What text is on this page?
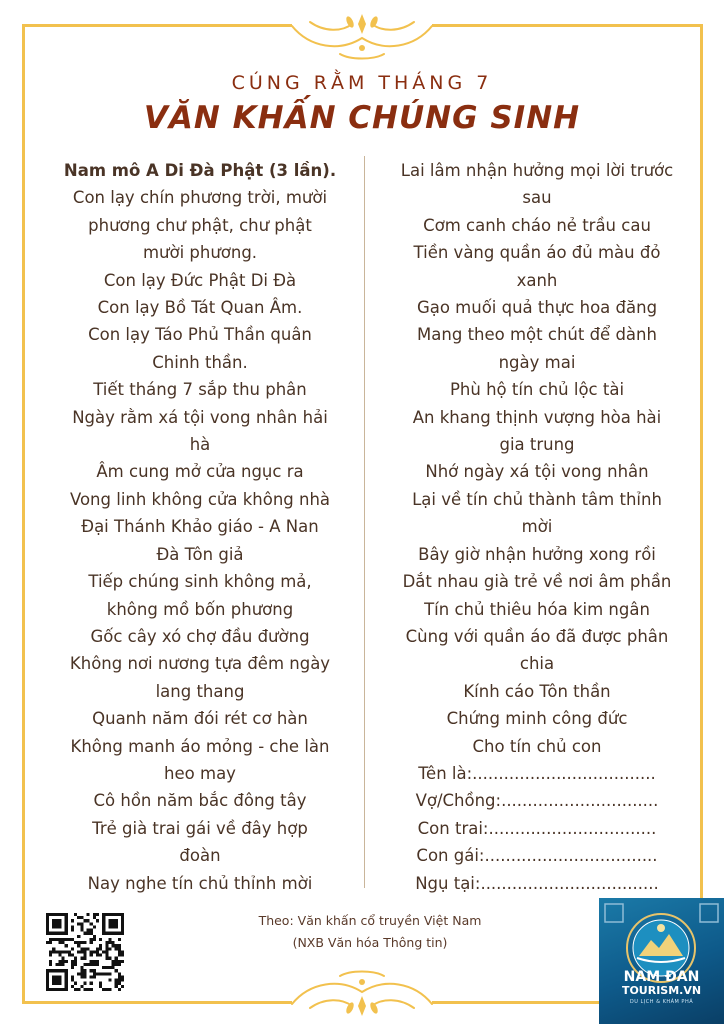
CÚNG RẰM THÁNG 7
VĂN KHẤN CHÚNG SINH
Nam mô A Di Đà Phật (3 lần).
Con lạy chín phương trời, mười
phương chư phật, chư phật
mười phương.
Con lạy Đức Phật Di Đà
Con lạy Bồ Tát Quan Âm.
Con lạy Táo Phủ Thần quân
Chinh thần.
Tiết tháng 7 sắp thu phân
Ngày rằm xá tội vong nhân hải
hà
Âm cung mở cửa ngục ra
Vong linh không cửa không nhà
Đại Thánh Khảo giáo - A Nan
Đà Tôn giả
Tiếp chúng sinh không mả,
không mồ bốn phương
Gốc cây xó chợ đầu đường
Không nơi nương tựa đêm ngày
lang thang
Quanh năm đói rét cơ hàn
Không manh áo mỏng - che làn
heo may
Cô hồn năm bắc đông tây
Trẻ già trai gái về đây hợp
đoàn
Nay nghe tín chủ thỉnh mời
Lai lâm nhận hưởng mọi lời trước
sau
Cơm canh cháo nẻ trầu cau
Tiền vàng quần áo đủ màu đỏ
xanh
Gạo muối quả thực hoa đăng
Mang theo một chút để dành
ngày mai
Phù hộ tín chủ lộc tài
An khang thịnh vượng hòa hài
gia trung
Nhớ ngày xá tội vong nhân
Lại về tín chủ thành tâm thỉnh
mời
Bây giờ nhận hưởng xong rồi
Dắt nhau già trẻ về nơi âm phần
Tín chủ thiêu hóa kim ngân
Cùng với quần áo đã được phân
chia
Kính cáo Tôn thần
Chứng minh công đức
Cho tín chủ con
Tên là:...................................
Vợ/Chồng:..............................
Con trai:................................
Con gái:.................................
Ngụ tại:..................................
Theo: Văn khấn cổ truyền Việt Nam
(NXB Văn hóa Thông tin)
NAM ĐAN
TOURISM.VN
DU LỊCH & KHÁM PHÁ
